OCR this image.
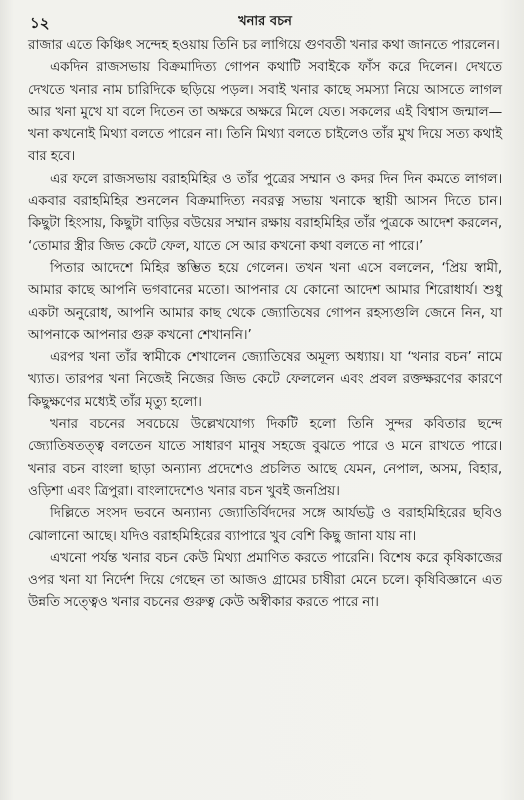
১২	খনার বচন

রাজার এতে কিঞ্চিৎ সন্দেহ হওয়ায় তিনি চর লাগিয়ে গুণবতী খনার কথা জানতে পারলেন।

একদিন রাজসভায় বিক্রমাদিত্য গোপন কথাটি সবাইকে ফাঁস করে দিলেন। দেখতে দেখতে খনার নাম চারিদিকে ছড়িয়ে পড়ল। সবাই খনার কাছে সমস্যা নিয়ে আসতে লাগল আর খনা মুখে যা বলে দিতেন তা অক্ষরে অক্ষরে মিলে যেত। সকলের এই বিশ্বাস জন্মাল—খনা কখনোই মিথ্যা বলতে পারেন না। তিনি মিথ্যা বলতে চাইলেও তাঁর মুখ দিয়ে সত্য কথাই বার হবে।

এর ফলে রাজসভায় বরাহমিহির ও তাঁর পুত্রের সম্মান ও কদর দিন দিন কমতে লাগল। একবার বরাহমিহির শুনলেন বিক্রমাদিত্য নবরত্ন সভায় খনাকে স্থায়ী আসন দিতে চান। কিছুটা হিংসায়, কিছুটা বাড়ির বউয়ের সম্মান রক্ষায় বরাহমিহির তাঁর পুত্রকে আদেশ করলেন, ‘তোমার স্ত্রীর জিভ কেটে ফেল, যাতে সে আর কখনো কথা বলতে না পারে।’

পিতার আদেশে মিহির স্তম্ভিত হয়ে গেলেন। তখন খনা এসে বললেন, ‘প্রিয় স্বামী, আমার কাছে আপনি ভগবানের মতো। আপনার যে কোনো আদেশ আমার শিরোধার্য। শুধু একটা অনুরোধ, আপনি আমার কাছ থেকে জ্যোতিষের গোপন রহস্যগুলি জেনে নিন, যা আপনাকে আপনার গুরু কখনো শেখাননি।’

এরপর খনা তাঁর স্বামীকে শেখালেন জ্যোতিষের অমূল্য অধ্যায়। যা ‘খনার বচন’ নামে খ্যাত। তারপর খনা নিজেই নিজের জিভ কেটে ফেললেন এবং প্রবল রক্তক্ষরণের কারণে কিছুক্ষণের মধ্যেই তাঁর মৃত্যু হলো।

খনার বচনের সবচেয়ে উল্লেখযোগ্য দিকটি হলো তিনি সুন্দর কবিতার ছন্দে জ্যোতিষতত্ত্ব বলতেন যাতে সাধারণ মানুষ সহজে বুঝতে পারে ও মনে রাখতে পারে। খনার বচন বাংলা ছাড়া অন্যান্য প্রদেশেও প্রচলিত আছে যেমন, নেপাল, অসম, বিহার, ওড়িশা এবং ত্রিপুরা। বাংলাদেশেও খনার বচন খুবই জনপ্রিয়।

দিল্লিতে সংসদ ভবনে অন্যান্য জ্যোতির্বিদদের সঙ্গে আর্যভট্ট ও বরাহমিহিরের ছবিও ঝোলানো আছে। যদিও বরাহমিহিরের ব্যাপারে খুব বেশি কিছু জানা যায় না।

এখনো পর্যন্ত খনার বচন কেউ মিথ্যা প্রমাণিত করতে পারেনি। বিশেষ করে কৃষিকাজের ওপর খনা যা নির্দেশ দিয়ে গেছেন তা আজও গ্রামের চাষীরা মেনে চলে। কৃষিবিজ্ঞানে এত উন্নতি সত্ত্বেও খনার বচনের গুরুত্ব কেউ অস্বীকার করতে পারে না।
